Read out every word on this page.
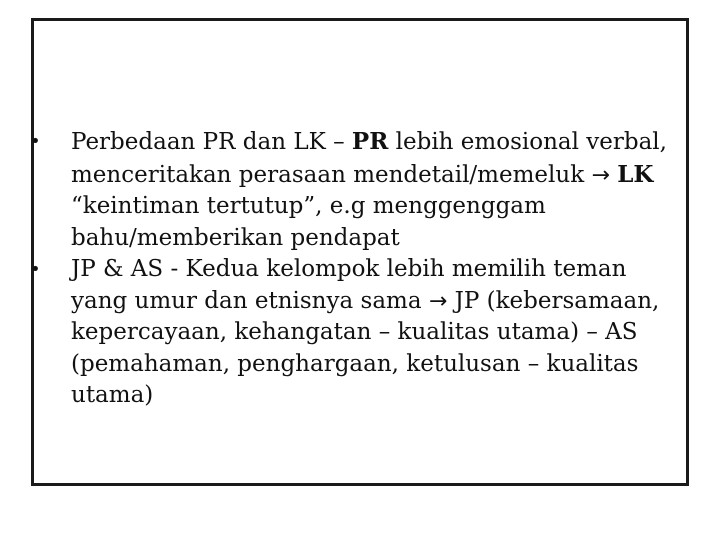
•	Perbedaan PR dan LK – PR lebih emosional verbal, menceritakan perasaan mendetail/memeluk → LK “keintiman tertutup”, e.g menggenggam bahu/memberikan pendapat
•	JP & AS - Kedua kelompok lebih memilih teman yang umur dan etnisnya sama → JP (kebersamaan, kepercayaan, kehangatan – kualitas utama) – AS (pemahaman, penghargaan, ketulusan – kualitas utama)
